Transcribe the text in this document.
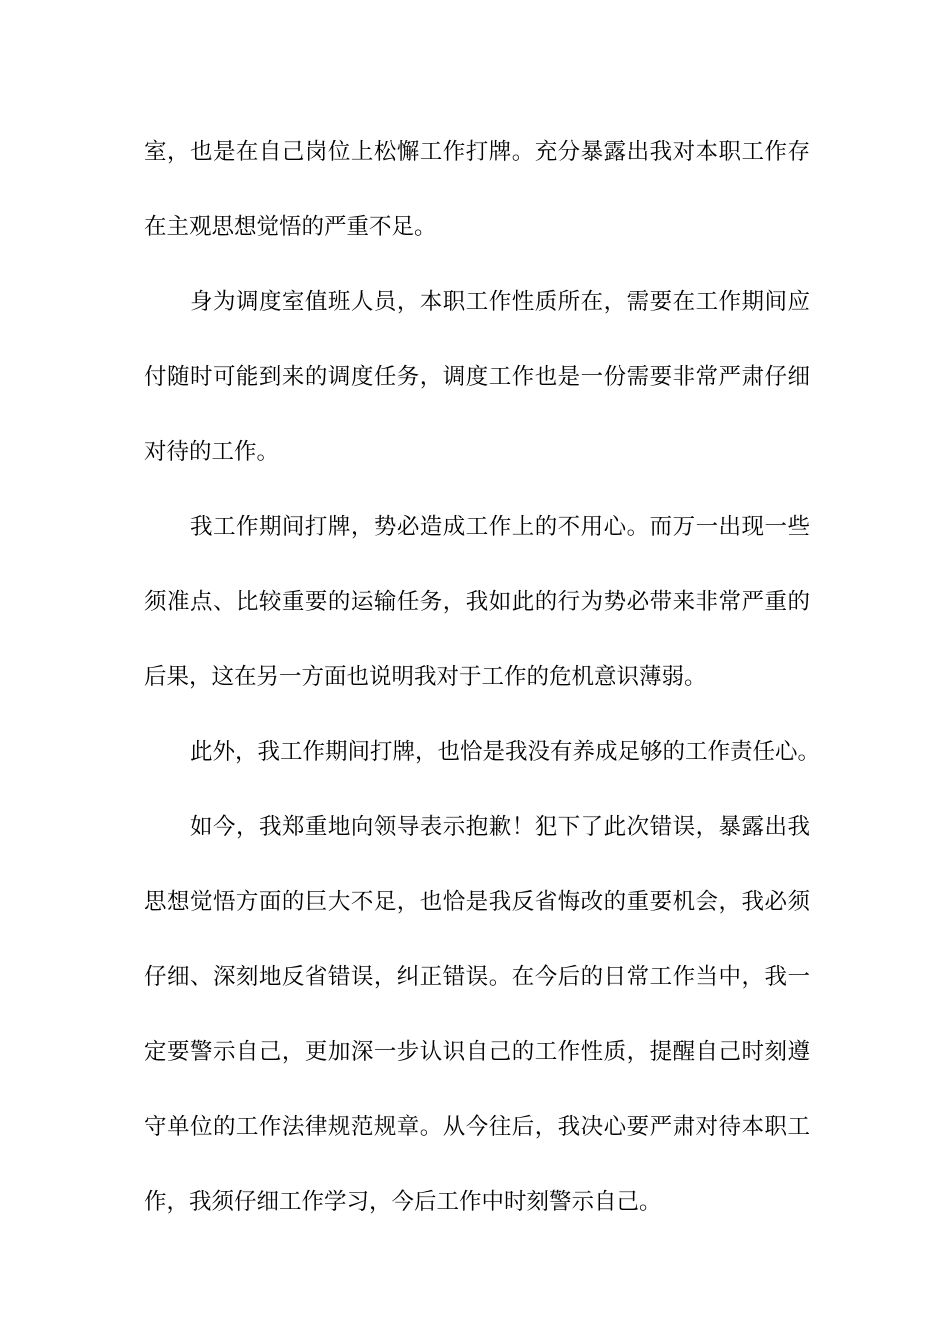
室，也是在自己岗位上松懈工作打牌。充分暴露出我对本职工作存
在主观思想觉悟的严重不足。
身为调度室值班人员，本职工作性质所在，需要在工作期间应
付随时可能到来的调度任务，调度工作也是一份需要非常严肃仔细
对待的工作。
我工作期间打牌，势必造成工作上的不用心。而万一出现一些
须准点、比较重要的运输任务，我如此的行为势必带来非常严重的
后果，这在另一方面也说明我对于工作的危机意识薄弱。
此外，我工作期间打牌，也恰是我没有养成足够的工作责任心。
如今，我郑重地向领导表示抱歉！犯下了此次错误，暴露出我
思想觉悟方面的巨大不足，也恰是我反省悔改的重要机会，我必须
仔细、深刻地反省错误，纠正错误。在今后的日常工作当中，我一
定要警示自己，更加深一步认识自己的工作性质，提醒自己时刻遵
守单位的工作法律规范规章。从今往后，我决心要严肃对待本职工
作，我须仔细工作学习，今后工作中时刻警示自己。
